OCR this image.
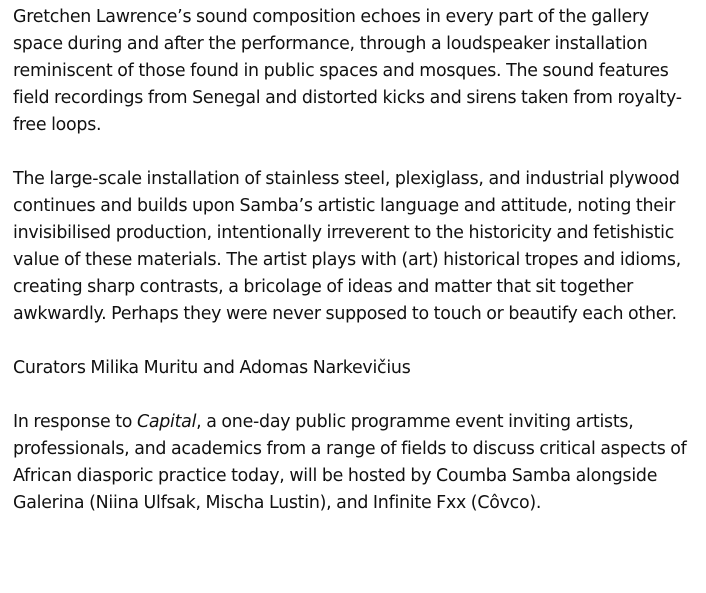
Gretchen Lawrence’s sound composition echoes in every part of the gallery space during and after the performance, through a loudspeaker installation reminiscent of those found in public spaces and mosques. The sound features field recordings from Senegal and distorted kicks and sirens taken from royalty-free loops.

The large-scale installation of stainless steel, plexiglass, and industrial plywood continues and builds upon Samba’s artistic language and attitude, noting their invisibilised production, intentionally irreverent to the historicity and fetishistic value of these materials. The artist plays with (art) historical tropes and idioms, creating sharp contrasts, a bricolage of ideas and matter that sit together awkwardly. Perhaps they were never supposed to touch or beautify each other.

Curators Milika Muritu and Adomas Narkevičius

In response to Capital, a one-day public programme event inviting artists, professionals, and academics from a range of fields to discuss critical aspects of African diasporic practice today, will be hosted by Coumba Samba alongside Galerina (Niina Ulfsak, Mischa Lustin), and Infinite Fxx (Côvco).
